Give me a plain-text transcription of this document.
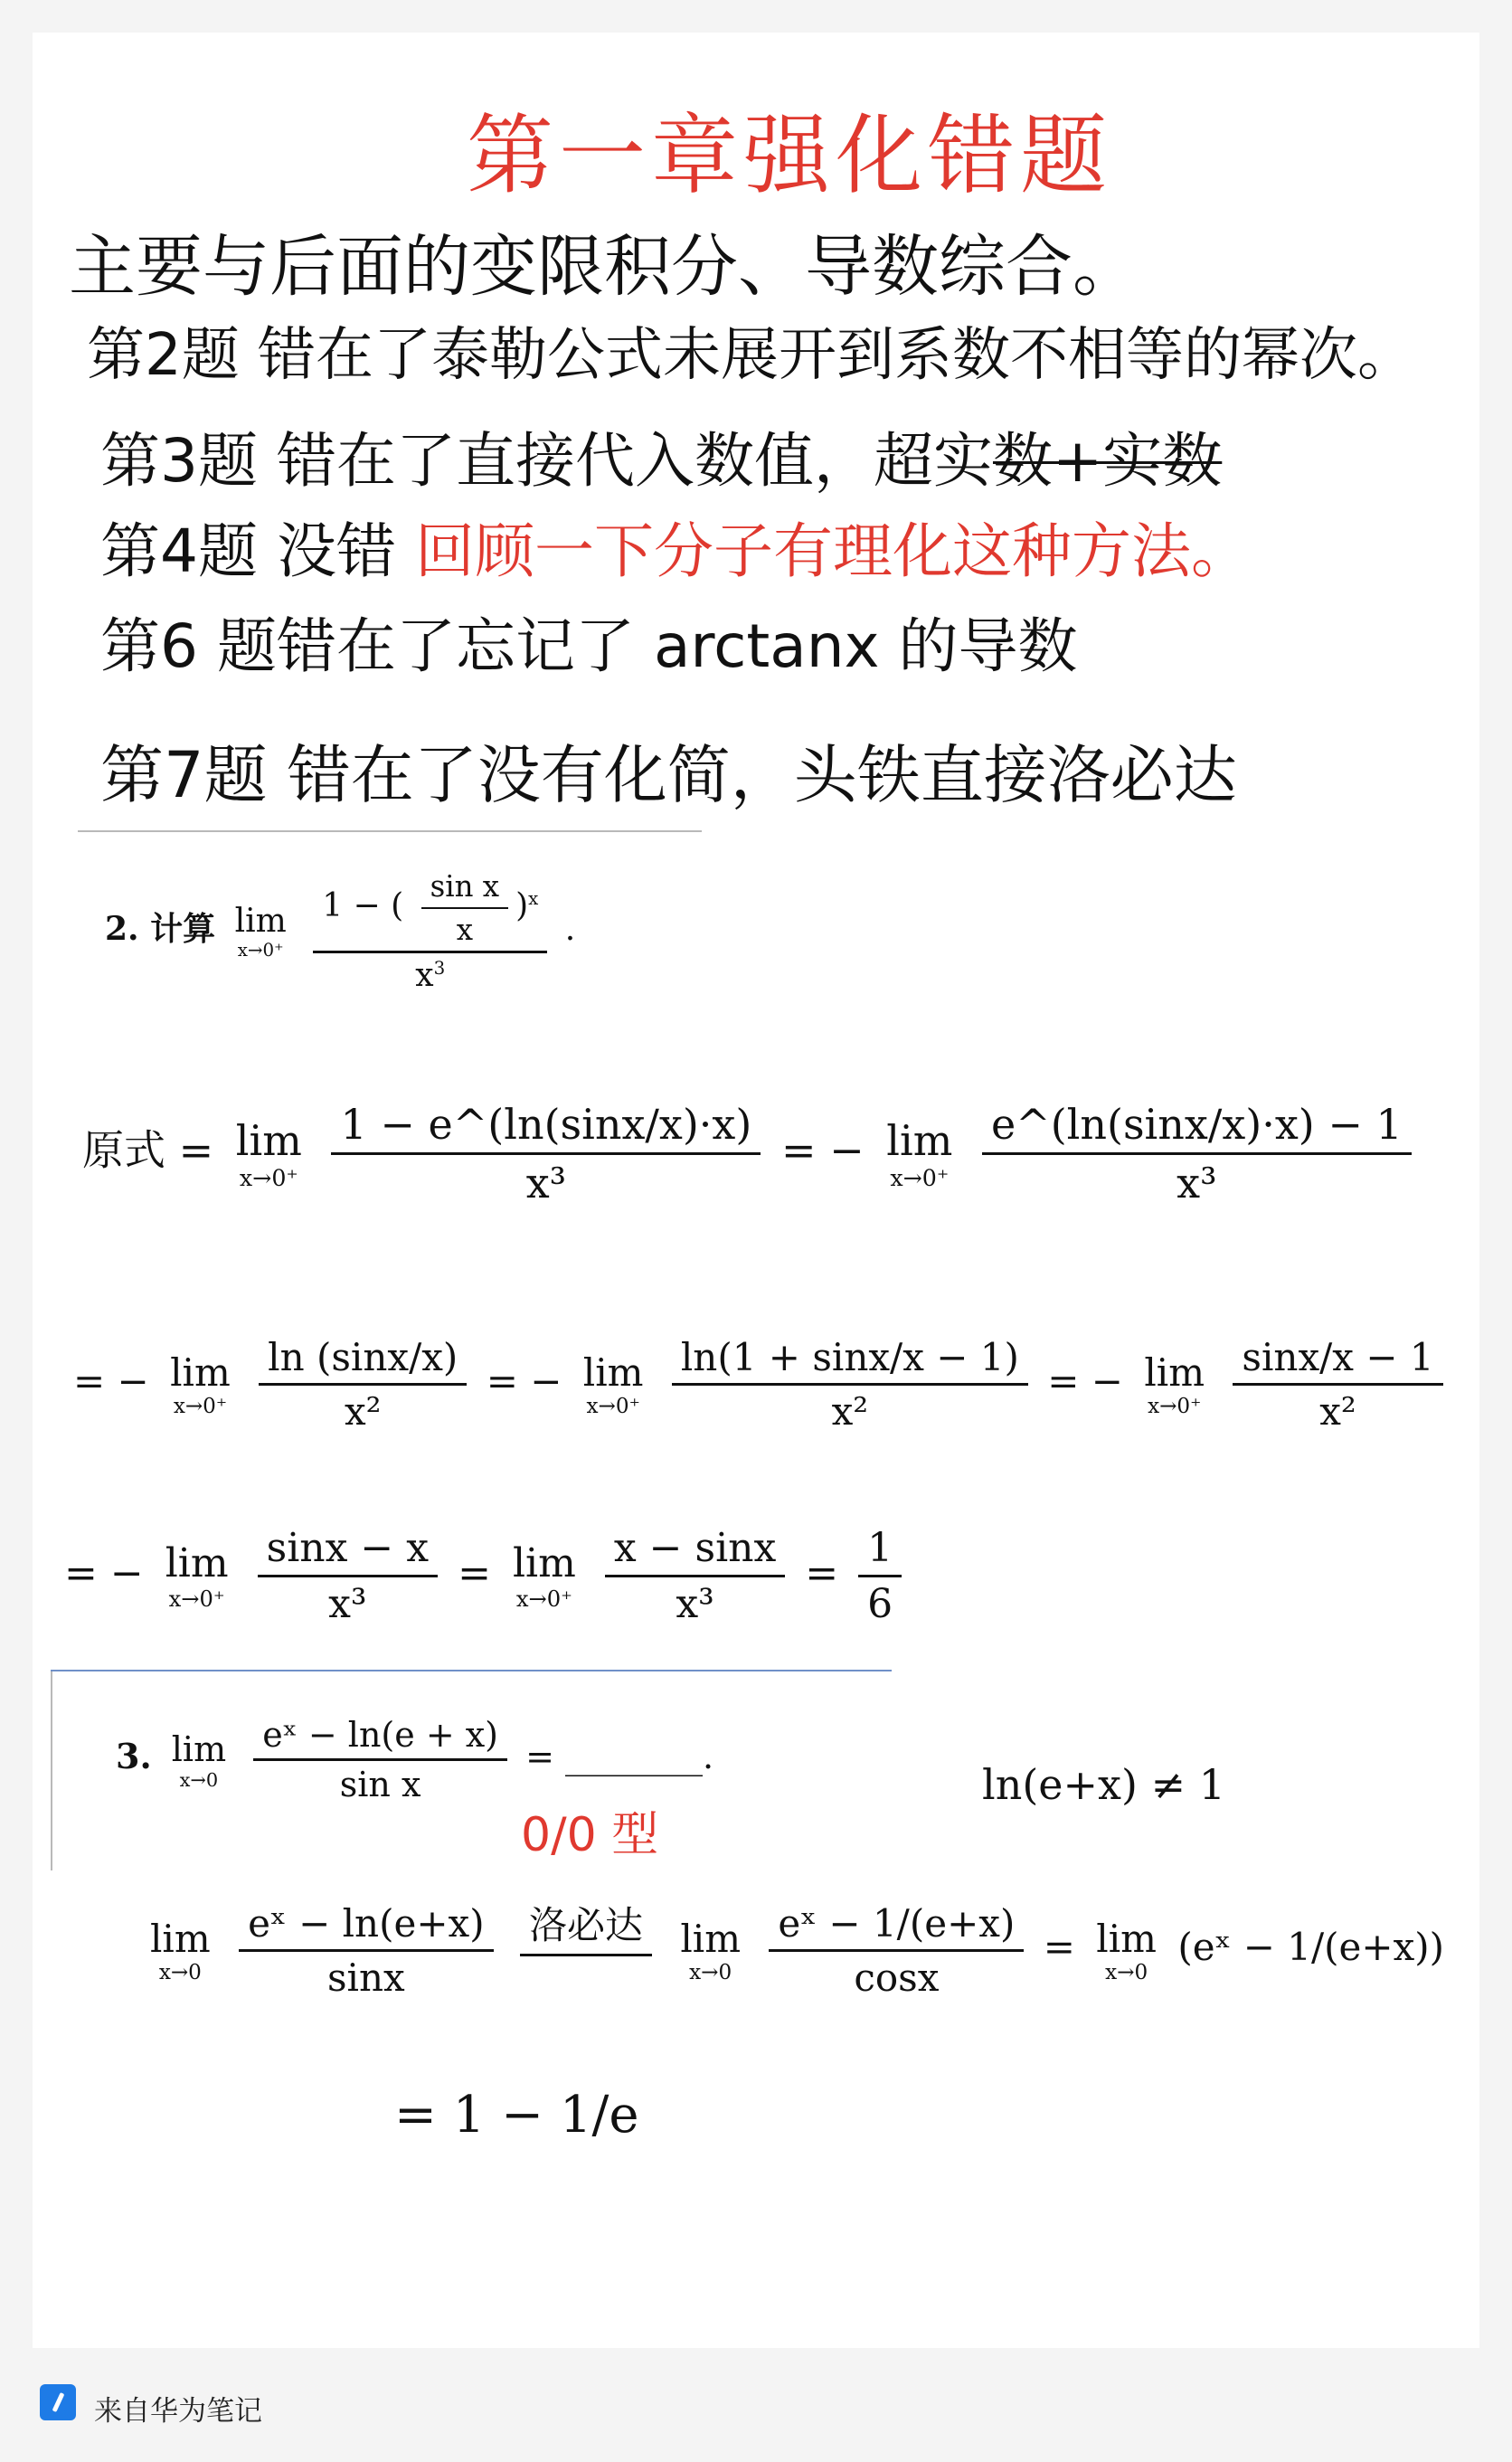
第一章强化错题
主要与后面的变限积分、导数综合。
第2题 错在了泰勒公式未展开到系数不相等的幂次。
第3题 错在了直接代入数值，超实数+实数
第4题 没错 回顾一下分子有理化这种方法。
第6 题错在了忘记了 arctanx 的导数
第7题 错在了没有化简，头铁直接洛必达
2. 计算 lim
x→0⁺
$\frac{1 - ( \frac{\text{sin x}}{x} )^x}{x^3}$ .
原式 = lim
x→0⁺
$\frac{1 - e\^{}(\ln(\sin x/x)\cdot x)}{\text{x³}}$ = − lim
x→0⁺
$\frac{e\^{}(\ln(\sin x/x)\cdot x) - 1}{\text{x³}}$
= − lim
x→0⁺
$\frac{\ln (\sin x/x)}{\text{x²}}$ = − lim
x→0⁺
$\frac{\ln(1 + \sin x/x - 1)}{\text{x²}}$ = − lim
x→0⁺
$\frac{\sin x/x - 1}{\text{x²}}$
= − lim
x→0⁺
$\frac{\sin x - x}{\text{x³}} = \lim$
x→0⁺
$\frac{x - \sin x}{\text{x³}} = \frac{1}{6}$
3. lim
x→0
$\frac{\text{eˣ − ln(e + x)}}{\text{sin x}}$ = ________.
0/0 型
ln(e+x) ≠ 1
lim
x→0
$\frac{\text{eˣ − ln(e+x)}}{\sin x}$
洛必达

lim
x→0
$\frac{\text{eˣ − 1/(e+x)}}{\cos x} = \lim$
x→0
(eˣ − 1/(e+x))
= 1 − 1/e
来自华为笔记
